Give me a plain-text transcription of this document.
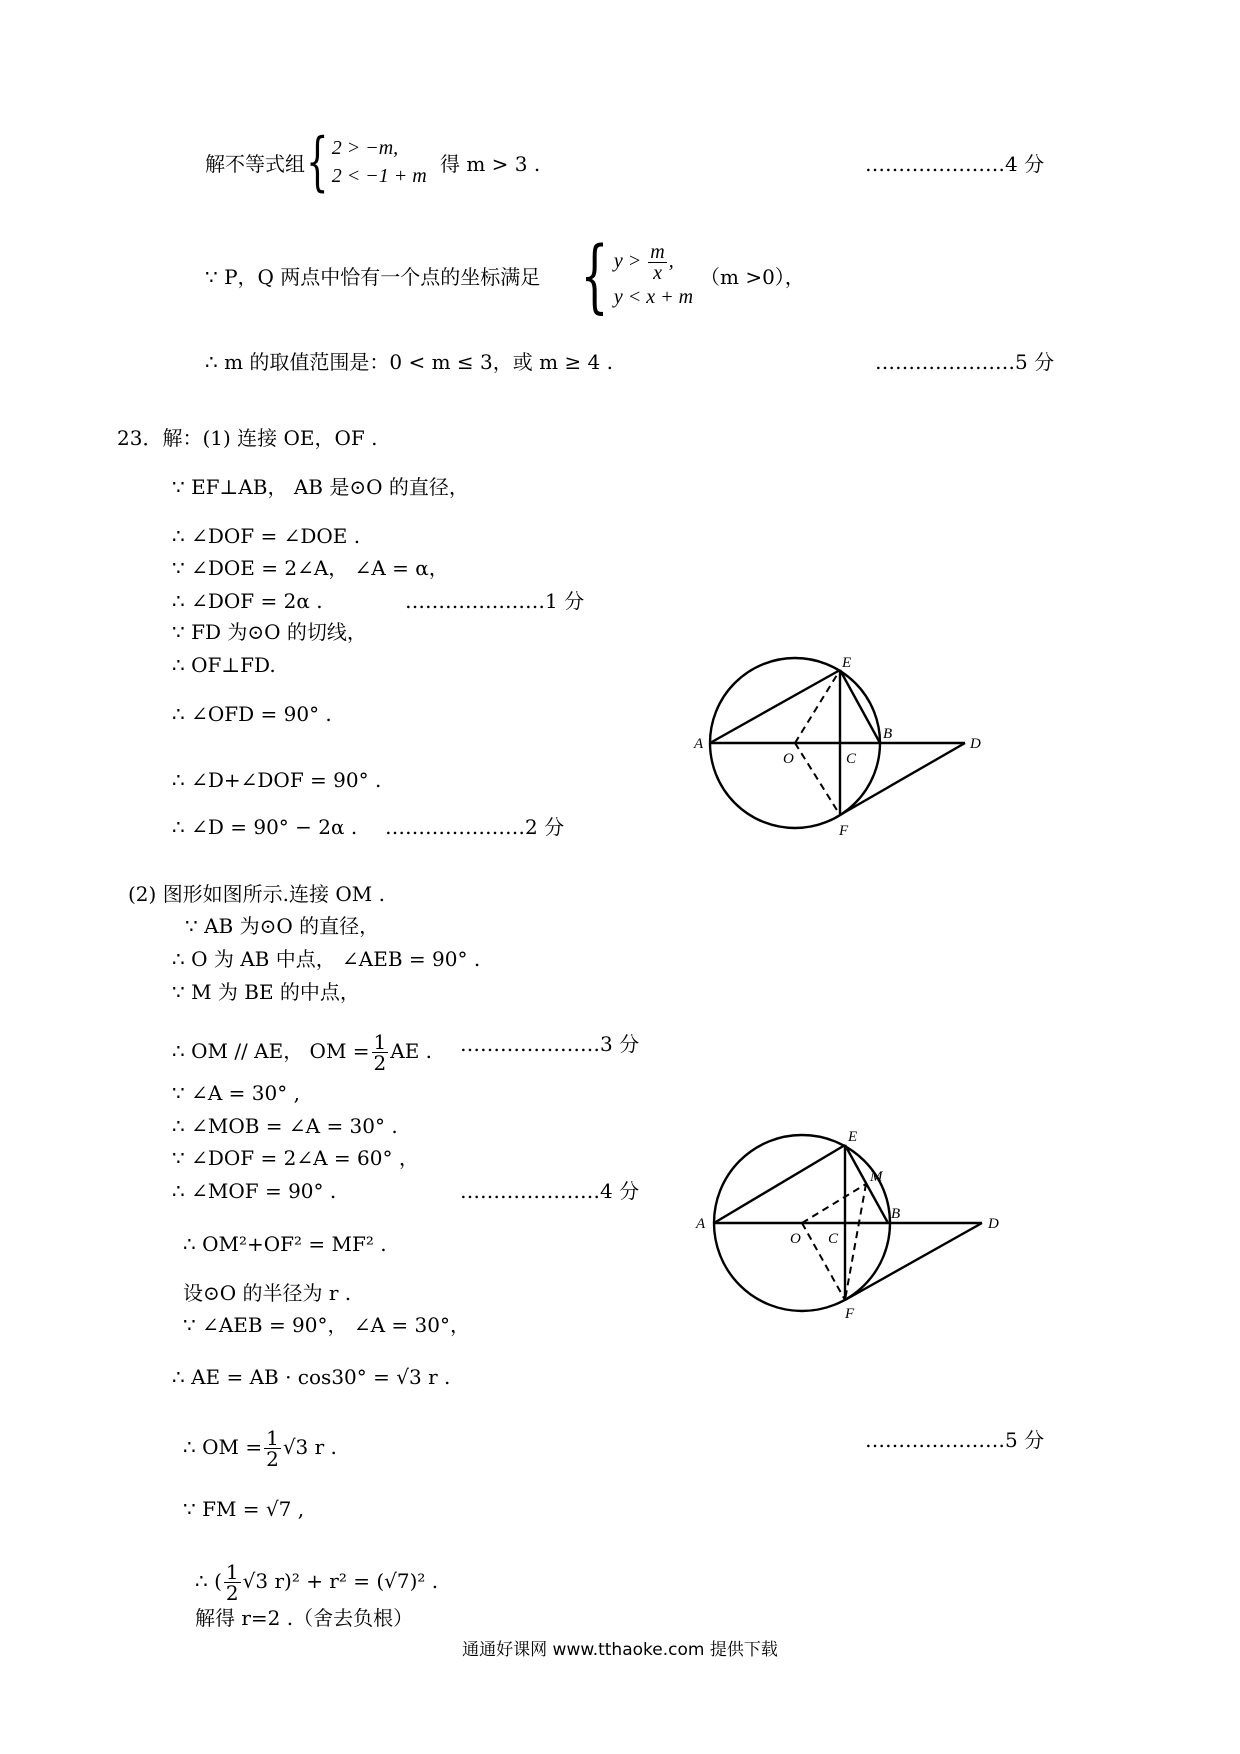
解不等式组 { 2 > −m,
2 < −1 + m 得 m > 3 .	…………………4 分
∵ P，Q 两点中恰有一个点的坐标满足 { $y > \frac{m}{x}$ ,
y < x + m
（m >0），
∴ m 的取值范围是：0 < m ≤ 3，或 m ≥ 4 .	…………………5 分
23．解：(1) 连接 OE，OF .
∵ EF⊥AB， AB 是⊙O 的直径，
∴ ∠DOF = ∠DOE .
∵ ∠DOE = 2∠A， ∠A = α，
∴ ∠DOF = 2α .	…………………1 分
∵ FD 为⊙O 的切线，
∴ OF⊥FD.
∴ ∠OFD = 90° .
∴ ∠D+∠DOF = 90° .
∴ ∠D = 90° − 2α . …………………2 分
E
A
O	C
B
D
F
(2) 图形如图所示.连接 OM .
∵ AB 为⊙O 的直径，
∴ O 为 AB 中点， ∠AEB = 90° .
∵ M 为 BE 的中点，
∴ OM // AE， OM = $\frac{1}{2}$ AE . …………………3 分
∵ ∠A = 30° ,
∴ ∠MOB = ∠A = 30° .
∵ ∠DOF = 2∠A = 60° ，
∴ ∠MOF = 90° .	…………………4 分
∴ OM²+OF² = MF² .
设⊙O 的半径为 r .
∵ ∠AEB = 90°， ∠A = 30°，
∴ AE = AB · cos30° = √3 r .
∴ OM = $\frac{1}{2} √3$ r .	…………………5 分
∵ FM = √7 ,
∴ ( $\frac{1}{2} √3$ r)² + r² = (√7)² .
解得 r=2 .（舍去负根）
E
M
A
O C
B
D
F
通通好课网 www.tthaoke.com 提供下载
